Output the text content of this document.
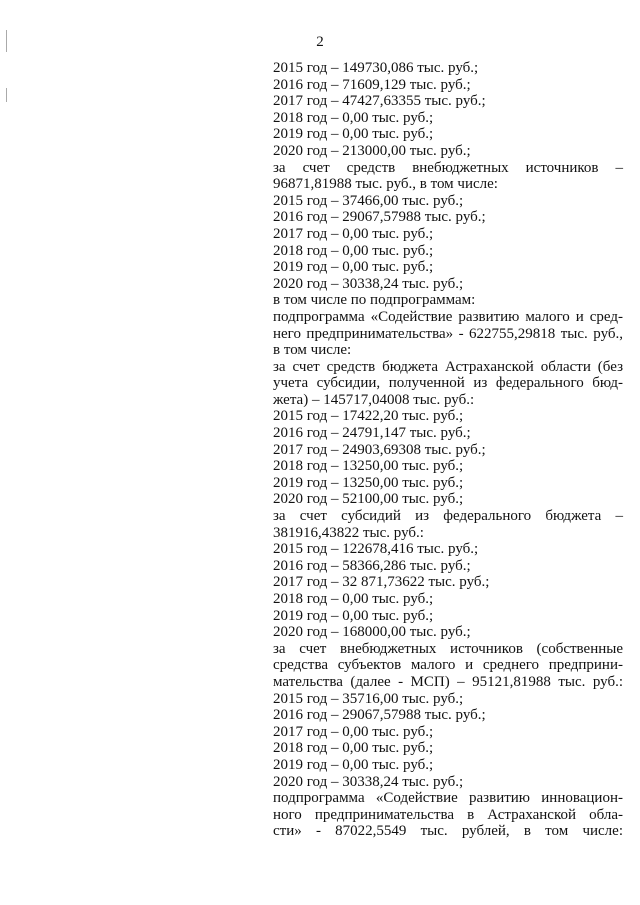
2
2015 год – 149730,086 тыс. руб.;
2016 год – 71609,129 тыс. руб.;
2017 год – 47427,63355 тыс. руб.;
2018 год – 0,00 тыс. руб.;
2019 год – 0,00 тыс. руб.;
2020 год – 213000,00 тыс. руб.;
за счет средств внебюджетных источников –
96871,81988 тыс. руб., в том числе:
2015 год – 37466,00 тыс. руб.;
2016 год – 29067,57988 тыс. руб.;
2017 год – 0,00 тыс. руб.;
2018 год – 0,00 тыс. руб.;
2019 год – 0,00 тыс. руб.;
2020 год – 30338,24 тыс. руб.;
в том числе по подпрограммам:
подпрограмма «Содействие развитию малого и сред-
него предпринимательства» - 622755,29818 тыс. руб.,
в том числе:
за счет средств бюджета Астраханской области (без
учета субсидии, полученной из федерального бюд-
жета) – 145717,04008 тыс. руб.:
2015 год – 17422,20 тыс. руб.;
2016 год – 24791,147 тыс. руб.;
2017 год – 24903,69308 тыс. руб.;
2018 год – 13250,00 тыс. руб.;
2019 год – 13250,00 тыс. руб.;
2020 год – 52100,00 тыс. руб.;
за счет субсидий из федерального бюджета –
381916,43822 тыс. руб.:
2015 год – 122678,416 тыс. руб.;
2016 год – 58366,286 тыс. руб.;
2017 год – 32 871,73622 тыс. руб.;
2018 год – 0,00 тыс. руб.;
2019 год – 0,00 тыс. руб.;
2020 год – 168000,00 тыс. руб.;
за счет внебюджетных источников (собственные
средства субъектов малого и среднего предприни-
мательства (далее - МСП) – 95121,81988 тыс. руб.:
2015 год – 35716,00 тыс. руб.;
2016 год – 29067,57988 тыс. руб.;
2017 год – 0,00 тыс. руб.;
2018 год – 0,00 тыс. руб.;
2019 год – 0,00 тыс. руб.;
2020 год – 30338,24 тыс. руб.;
подпрограмма «Содействие развитию инновацион-
ного предпринимательства в Астраханской обла-
сти» - 87022,5549 тыс. рублей, в том числе:
